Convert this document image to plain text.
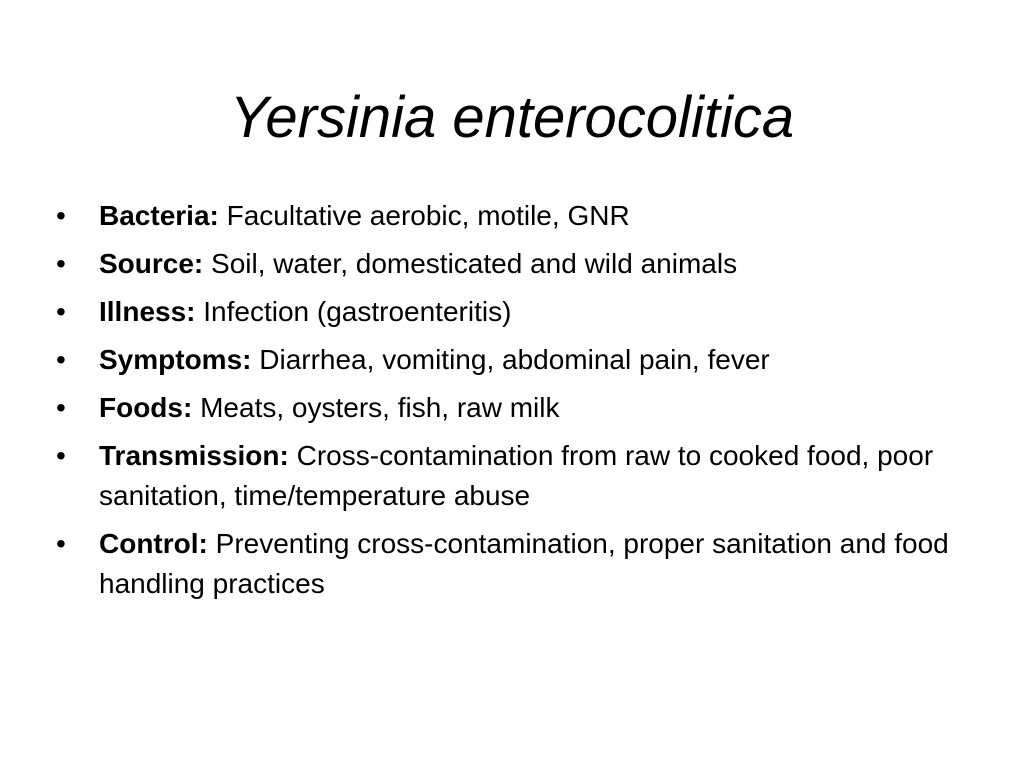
Yersinia enterocolitica
•	Bacteria: Facultative aerobic, motile, GNR
•	Source: Soil, water, domesticated and wild animals
•	Illness: Infection (gastroenteritis)
•	Symptoms: Diarrhea, vomiting, abdominal pain, fever
•	Foods: Meats, oysters, fish, raw milk
•	Transmission: Cross-contamination from raw to cooked food, poor sanitation, time/temperature abuse
•	Control: Preventing cross-contamination, proper sanitation and food handling practices
